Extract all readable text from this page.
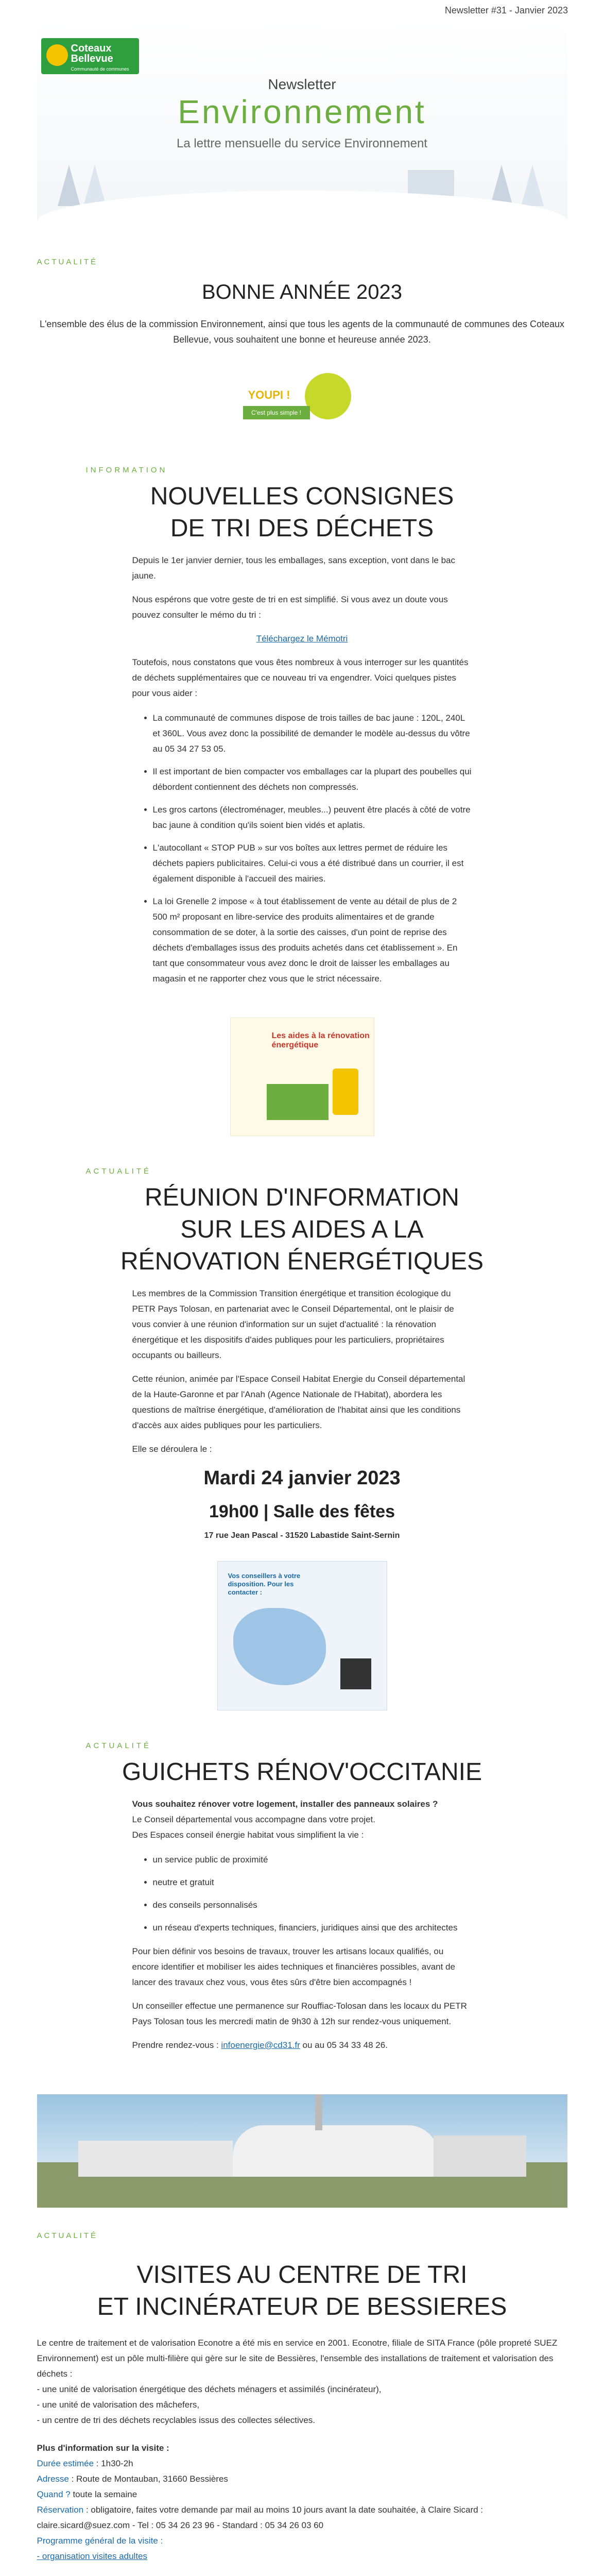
Newsletter #31 - Janvier 2023
Coteaux Bellevue
Communauté de communes
Newsletter
Environnement
La lettre mensuelle du service Environnement
ACTUALITÉ
BONNE ANNÉE 2023

L'ensemble des élus de la commission Environnement, ainsi que tous les agents de la communauté de communes des Coteaux Bellevue, vous souhaitent une bonne et heureuse année 2023.

YOUPI !
C'est plus simple !
INFORMATION
NOUVELLES CONSIGNES
DE TRI DES DÉCHETS

Depuis le 1er janvier dernier, tous les emballages, sans exception, vont dans le bac jaune.

Nous espérons que votre geste de tri en est simplifié. Si vous avez un doute vous pouvez consulter le mémo du tri :

Téléchargez le Mémotri

Toutefois, nous constatons que vous êtes nombreux à vous interroger sur les quantités de déchets supplémentaires que ce nouveau tri va engendrer. Voici quelques pistes pour vous aider :

• La communauté de communes dispose de trois tailles de bac jaune : 120L, 240L et 360L. Vous avez donc la possibilité de demander le modèle au-dessus du vôtre au 05 34 27 53 05.
• Il est important de bien compacter vos emballages car la plupart des poubelles qui débordent contiennent des déchets non compressés.
• Les gros cartons (électroménager, meubles...) peuvent être placés à côté de votre bac jaune à condition qu'ils soient bien vidés et aplatis.
• L'autocollant « STOP PUB » sur vos boîtes aux lettres permet de réduire les déchets papiers publicitaires. Celui-ci vous a été distribué dans un courrier, il est également disponible à l'accueil des mairies.
• La loi Grenelle 2 impose « à tout établissement de vente au détail de plus de 2 500 m² proposant en libre-service des produits alimentaires et de grande consommation de se doter, à la sortie des caisses, d'un point de reprise des déchets d'emballages issus des produits achetés dans cet établissement ». En tant que consommateur vous avez donc le droit de laisser les emballages au magasin et ne rapporter chez vous que le strict nécessaire.
Les aides à la rénovation énergétique
ACTUALITÉ
RÉUNION D'INFORMATION
SUR LES AIDES A LA
RÉNOVATION ÉNERGÉTIQUES

Les membres de la Commission Transition énergétique et transition écologique du PETR Pays Tolosan, en partenariat avec le Conseil Départemental, ont le plaisir de vous convier à une réunion d'information sur un sujet d'actualité : la rénovation énergétique et les dispositifs d'aides publiques pour les particuliers, propriétaires occupants ou bailleurs.

Cette réunion, animée par l'Espace Conseil Habitat Energie du Conseil départemental de la Haute-Garonne et par l'Anah (Agence Nationale de l'Habitat), abordera les questions de maîtrise énergétique, d'amélioration de l'habitat ainsi que les conditions d'accès aux aides publiques pour les particuliers.

Elle se déroulera le :

Mardi 24 janvier 2023
19h00 | Salle des fêtes
17 rue Jean Pascal - 31520 Labastide Saint-Sernin
Vos conseillers à votre disposition. Pour les contacter :
ACTUALITÉ
GUICHETS RÉNOV'OCCITANIE

Vous souhaitez rénover votre logement, installer des panneaux solaires ?

Le Conseil départemental vous accompagne dans votre projet.

Des Espaces conseil énergie habitat vous simplifient la vie :

• un service public de proximité
• neutre et gratuit
• des conseils personnalisés
• un réseau d'experts techniques, financiers, juridiques ainsi que des architectes

Pour bien définir vos besoins de travaux, trouver les artisans locaux qualifiés, ou encore identifier et mobiliser les aides techniques et financières possibles, avant de lancer des travaux chez vous, vous êtes sûrs d'être bien accompagnés !

Un conseiller effectue une permanence sur Rouffiac-Tolosan dans les locaux du PETR Pays Tolosan tous les mercredi matin de 9h30 à 12h sur rendez-vous uniquement.

Prendre rendez-vous : infoenergie@cd31.fr ou au 05 34 33 48 26.

ACTUALITÉ
VISITES AU CENTRE DE TRI
ET INCINÉRATEUR DE BESSIERES

Le centre de traitement et de valorisation Econotre a été mis en service en 2001. Econotre, filiale de SITA France (pôle propreté SUEZ Environnement) est un pôle multi-filière qui gère sur le site de Bessières, l'ensemble des installations de traitement et valorisation des déchets :

- une unité de valorisation énergétique des déchets ménagers et assimilés (incinérateur),

- une unité de valorisation des mâchefers,

- un centre de tri des déchets recyclables issus des collectes sélectives.

Plus d'information sur la visite :

Durée estimée : 1h30-2h

Adresse : Route de Montauban, 31660 Bessières

Quand ? toute la semaine

Réservation : obligatoire, faites votre demande par mail au moins 10 jours avant la date souhaitée, à Claire Sicard : claire.sicard@suez.com - Tel : 05 34 26 23 96 - Standard : 05 34 26 03 60

Programme général de la visite :

- organisation visites adultes
